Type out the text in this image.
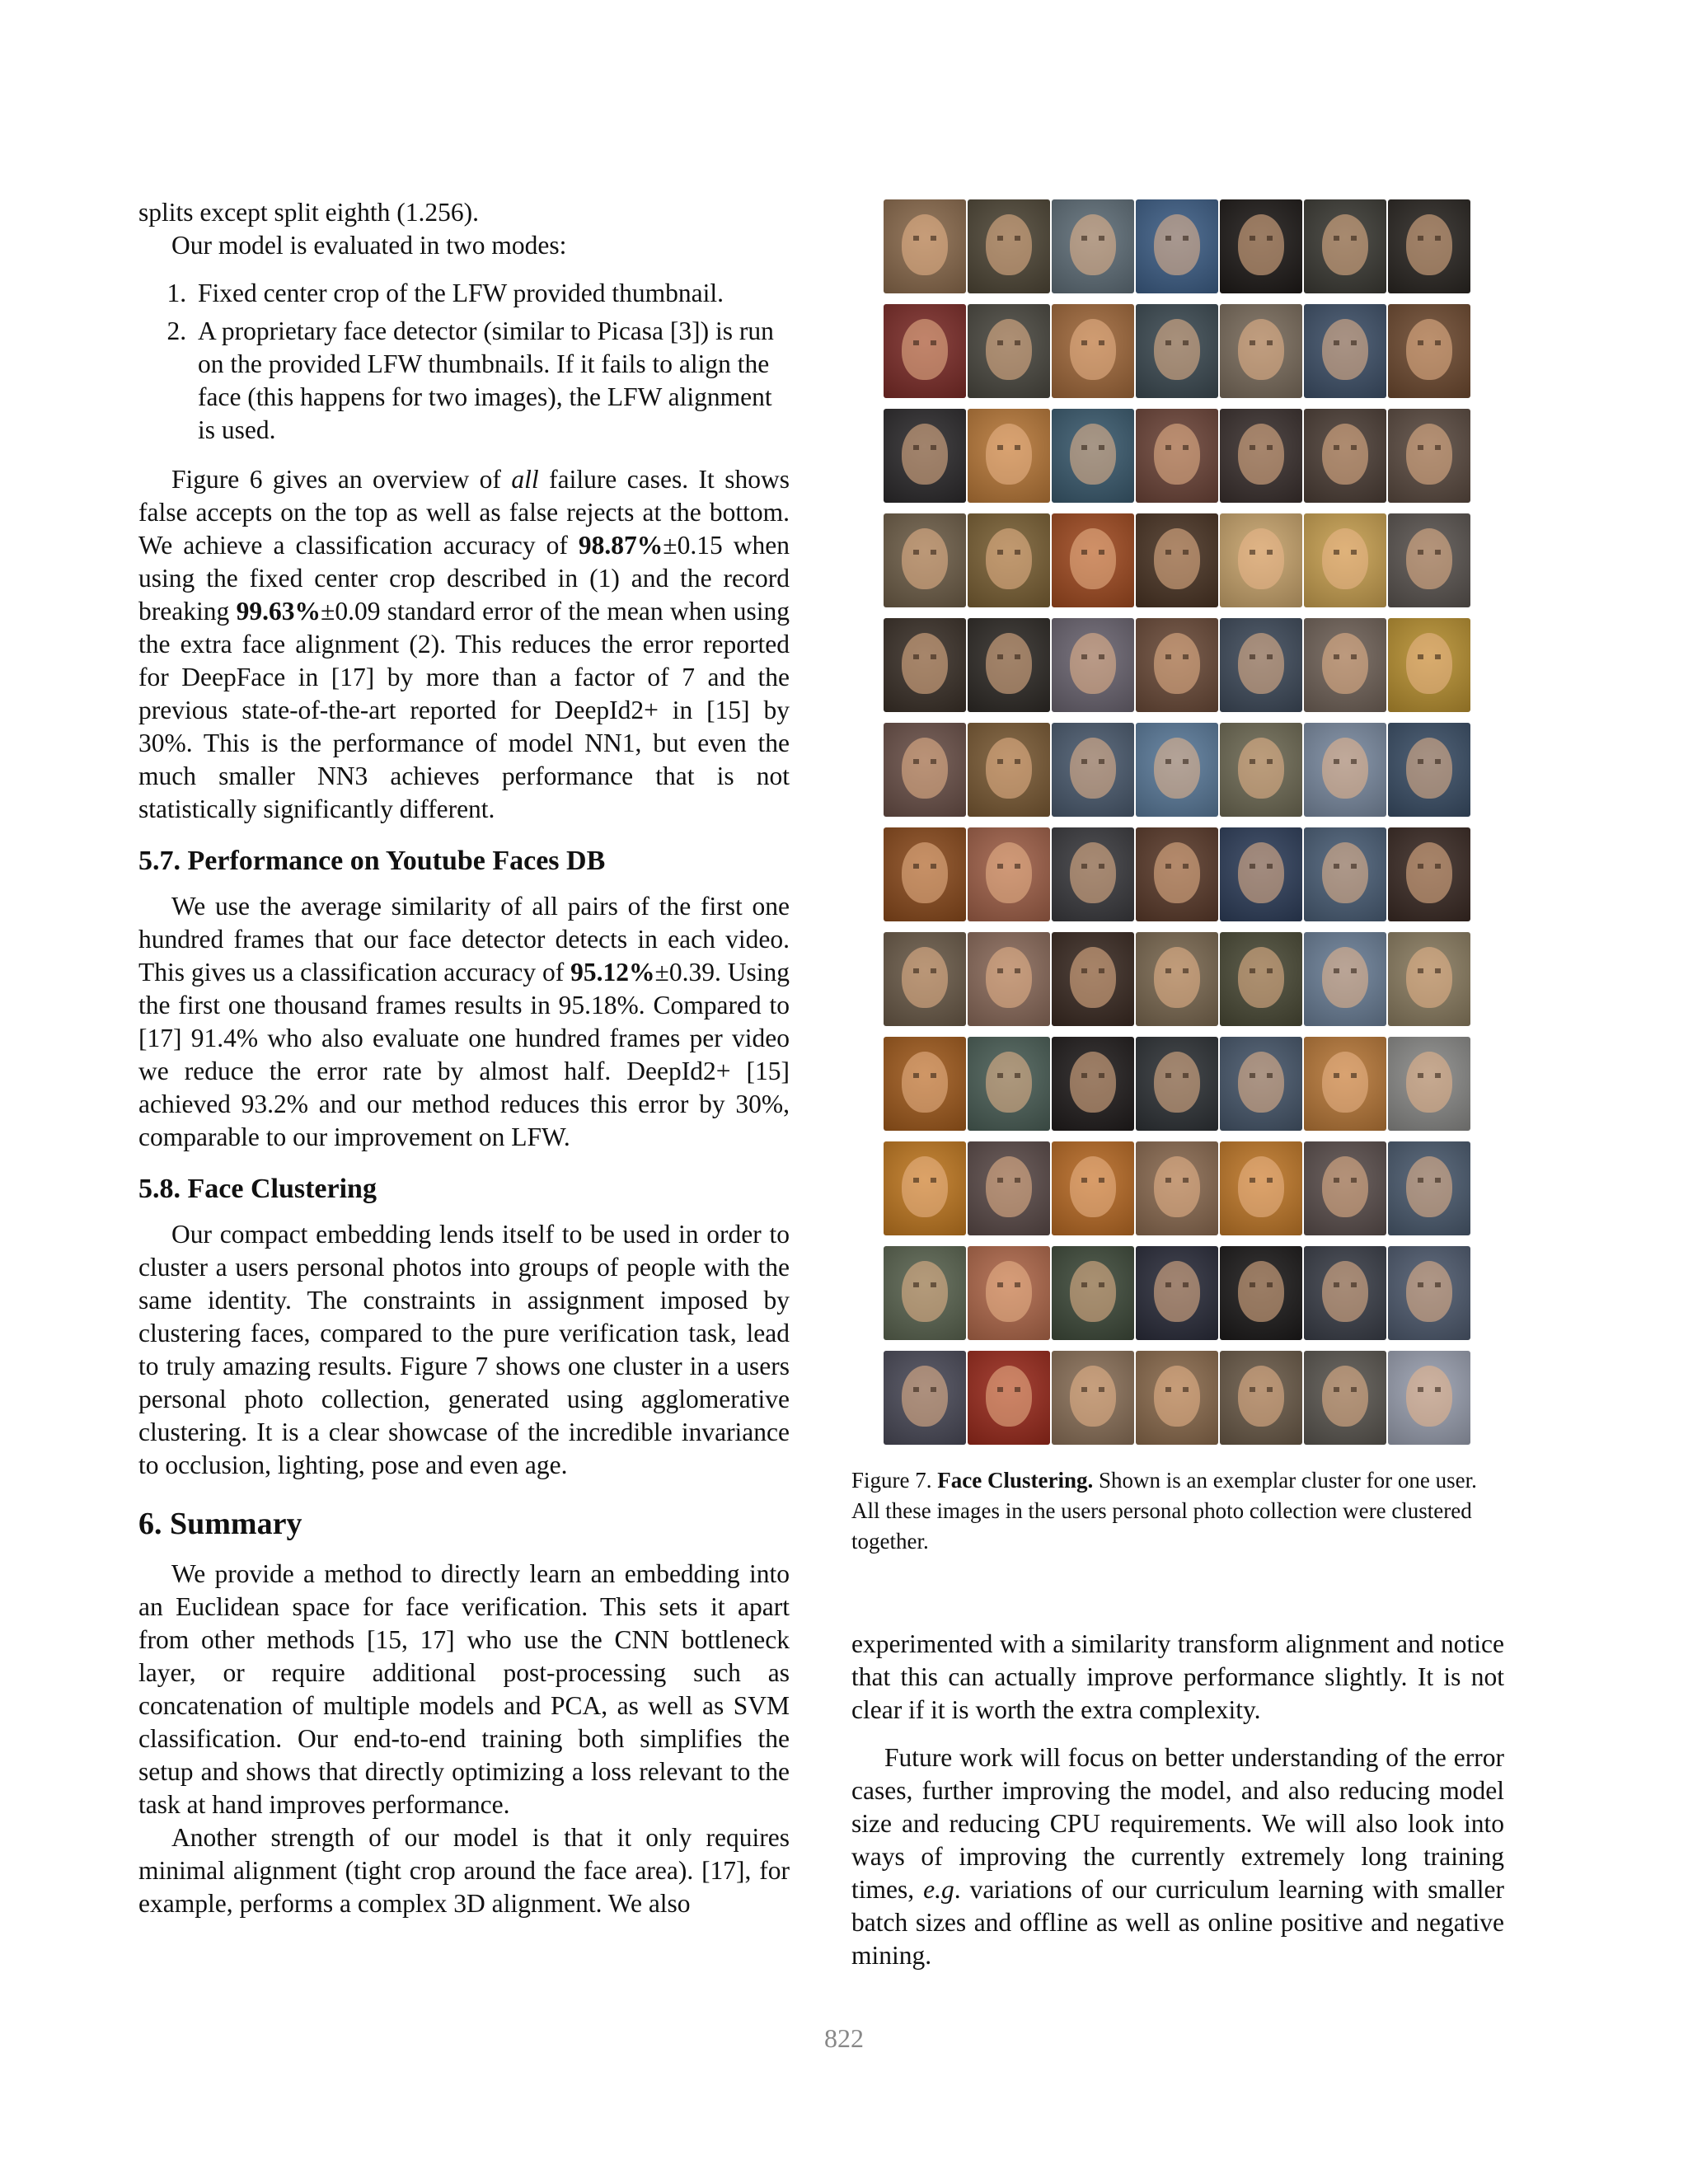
splits except split eighth (1.256).

Our model is evaluated in two modes:

1. Fixed center crop of the LFW provided thumbnail.
2. A proprietary face detector (similar to Picasa [3]) is run on the provided LFW thumbnails. If it fails to align the face (this happens for two images), the LFW alignment is used.

Figure 6 gives an overview of all failure cases. It shows false accepts on the top as well as false rejects at the bottom. We achieve a classification accuracy of 98.87%±0.15 when using the fixed center crop described in (1) and the record breaking 99.63%±0.09 standard error of the mean when using the extra face alignment (2). This reduces the error reported for DeepFace in [17] by more than a factor of 7 and the previous state-of-the-art reported for DeepId2+ in [15] by 30%. This is the performance of model NN1, but even the much smaller NN3 achieves performance that is not statistically significantly different.

5.7. Performance on Youtube Faces DB

We use the average similarity of all pairs of the first one hundred frames that our face detector detects in each video. This gives us a classification accuracy of 95.12%±0.39. Using the first one thousand frames results in 95.18%. Compared to [17] 91.4% who also evaluate one hundred frames per video we reduce the error rate by almost half. DeepId2+ [15] achieved 93.2% and our method reduces this error by 30%, comparable to our improvement on LFW.

5.8. Face Clustering

Our compact embedding lends itself to be used in order to cluster a users personal photos into groups of people with the same identity. The constraints in assignment imposed by clustering faces, compared to the pure verification task, lead to truly amazing results. Figure 7 shows one cluster in a users personal photo collection, generated using agglomerative clustering. It is a clear showcase of the incredible invariance to occlusion, lighting, pose and even age.

6. Summary

We provide a method to directly learn an embedding into an Euclidean space for face verification. This sets it apart from other methods [15, 17] who use the CNN bottleneck layer, or require additional post-processing such as concatenation of multiple models and PCA, as well as SVM classification. Our end-to-end training both simplifies the setup and shows that directly optimizing a loss relevant to the task at hand improves performance.

Another strength of our model is that it only requires minimal alignment (tight crop around the face area). [17], for example, performs a complex 3D alignment. We also

Figure 7. Face Clustering. Shown is an exemplar cluster for one user. All these images in the users personal photo collection were clustered together.

experimented with a similarity transform alignment and notice that this can actually improve performance slightly. It is not clear if it is worth the extra complexity.

Future work will focus on better understanding of the error cases, further improving the model, and also reducing model size and reducing CPU requirements. We will also look into ways of improving the currently extremely long training times, e.g. variations of our curriculum learning with smaller batch sizes and offline as well as online positive and negative mining.

822
